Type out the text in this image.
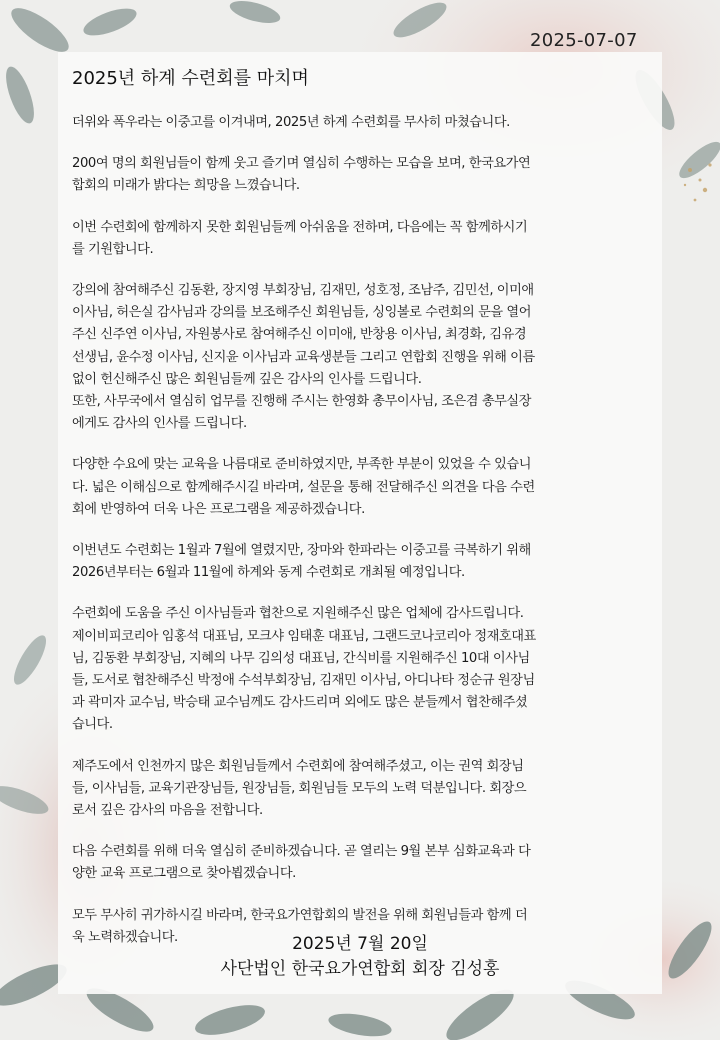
2025-07-07
2025년 하계 수련회를 마치며
더위와 폭우라는 이중고를 이겨내며, 2025년 하계 수련회를 무사히 마쳤습니다.
200여 명의 회원님들이 함께 웃고 즐기며 열심히 수행하는 모습을 보며, 한국요가연
합회의 미래가 밝다는 희망을 느꼈습니다.
이번 수련회에 함께하지 못한 회원님들께 아쉬움을 전하며, 다음에는 꼭 함께하시기
를 기원합니다.
강의에 참여해주신 김동환, 장지영 부회장님, 김재민, 성호정, 조남주, 김민선, 이미애
이사님, 허은실 감사님과 강의를 보조해주신 회원님들, 싱잉볼로 수련회의 문을 열어
주신 신주연 이사님, 자원봉사로 참여해주신 이미애, 반창용 이사님, 최경화, 김유경
선생님, 윤수정 이사님, 신지윤 이사님과 교육생분들 그리고 연합회 진행을 위해 이름
없이 헌신해주신 많은 회원님들께 깊은 감사의 인사를 드립니다.
또한, 사무국에서 열심히 업무를 진행해 주시는 한영화 총무이사님, 조은겸 총무실장
에게도 감사의 인사를 드립니다.
다양한 수요에 맞는 교육을 나름대로 준비하였지만, 부족한 부분이 있었을 수 있습니
다. 넓은 이해심으로 함께해주시길 바라며, 설문을 통해 전달해주신 의견을 다음 수련
회에 반영하여 더욱 나은 프로그램을 제공하겠습니다.
이번년도 수련회는 1월과 7월에 열렸지만, 장마와 한파라는 이중고를 극복하기 위해
2026년부터는 6월과 11월에 하계와 동계 수련회로 개최될 예정입니다.
수련회에 도움을 주신 이사님들과 협찬으로 지원해주신 많은 업체에 감사드립니다.
제이비피코리아 임홍석 대표님, 모크샤 임태훈 대표님, 그랜드코나코리아 정재호대표
님, 김동환 부회장님, 지혜의 나무 김의성 대표님, 간식비를 지원해주신 10대 이사님
들, 도서로 협찬해주신 박정애 수석부회장님, 김재민 이사님, 아디나타 정순규 원장님
과 곽미자 교수님, 박승태 교수님께도 감사드리며 외에도 많은 분들께서 협찬해주셨
습니다.
제주도에서 인천까지 많은 회원님들께서 수련회에 참여해주셨고, 이는 권역 회장님
들, 이사님들, 교육기관장님들, 원장님들, 회원님들 모두의 노력 덕분입니다. 회장으
로서 깊은 감사의 마음을 전합니다.
다음 수련회를 위해 더욱 열심히 준비하겠습니다. 곧 열리는 9월 본부 심화교육과 다
양한 교육 프로그램으로 찾아뵙겠습니다.
모두 무사히 귀가하시길 바라며, 한국요가연합회의 발전을 위해 회원님들과 함께 더
욱 노력하겠습니다.	2025년 7월 20일
사단법인 한국요가연합회 회장 김성홍
